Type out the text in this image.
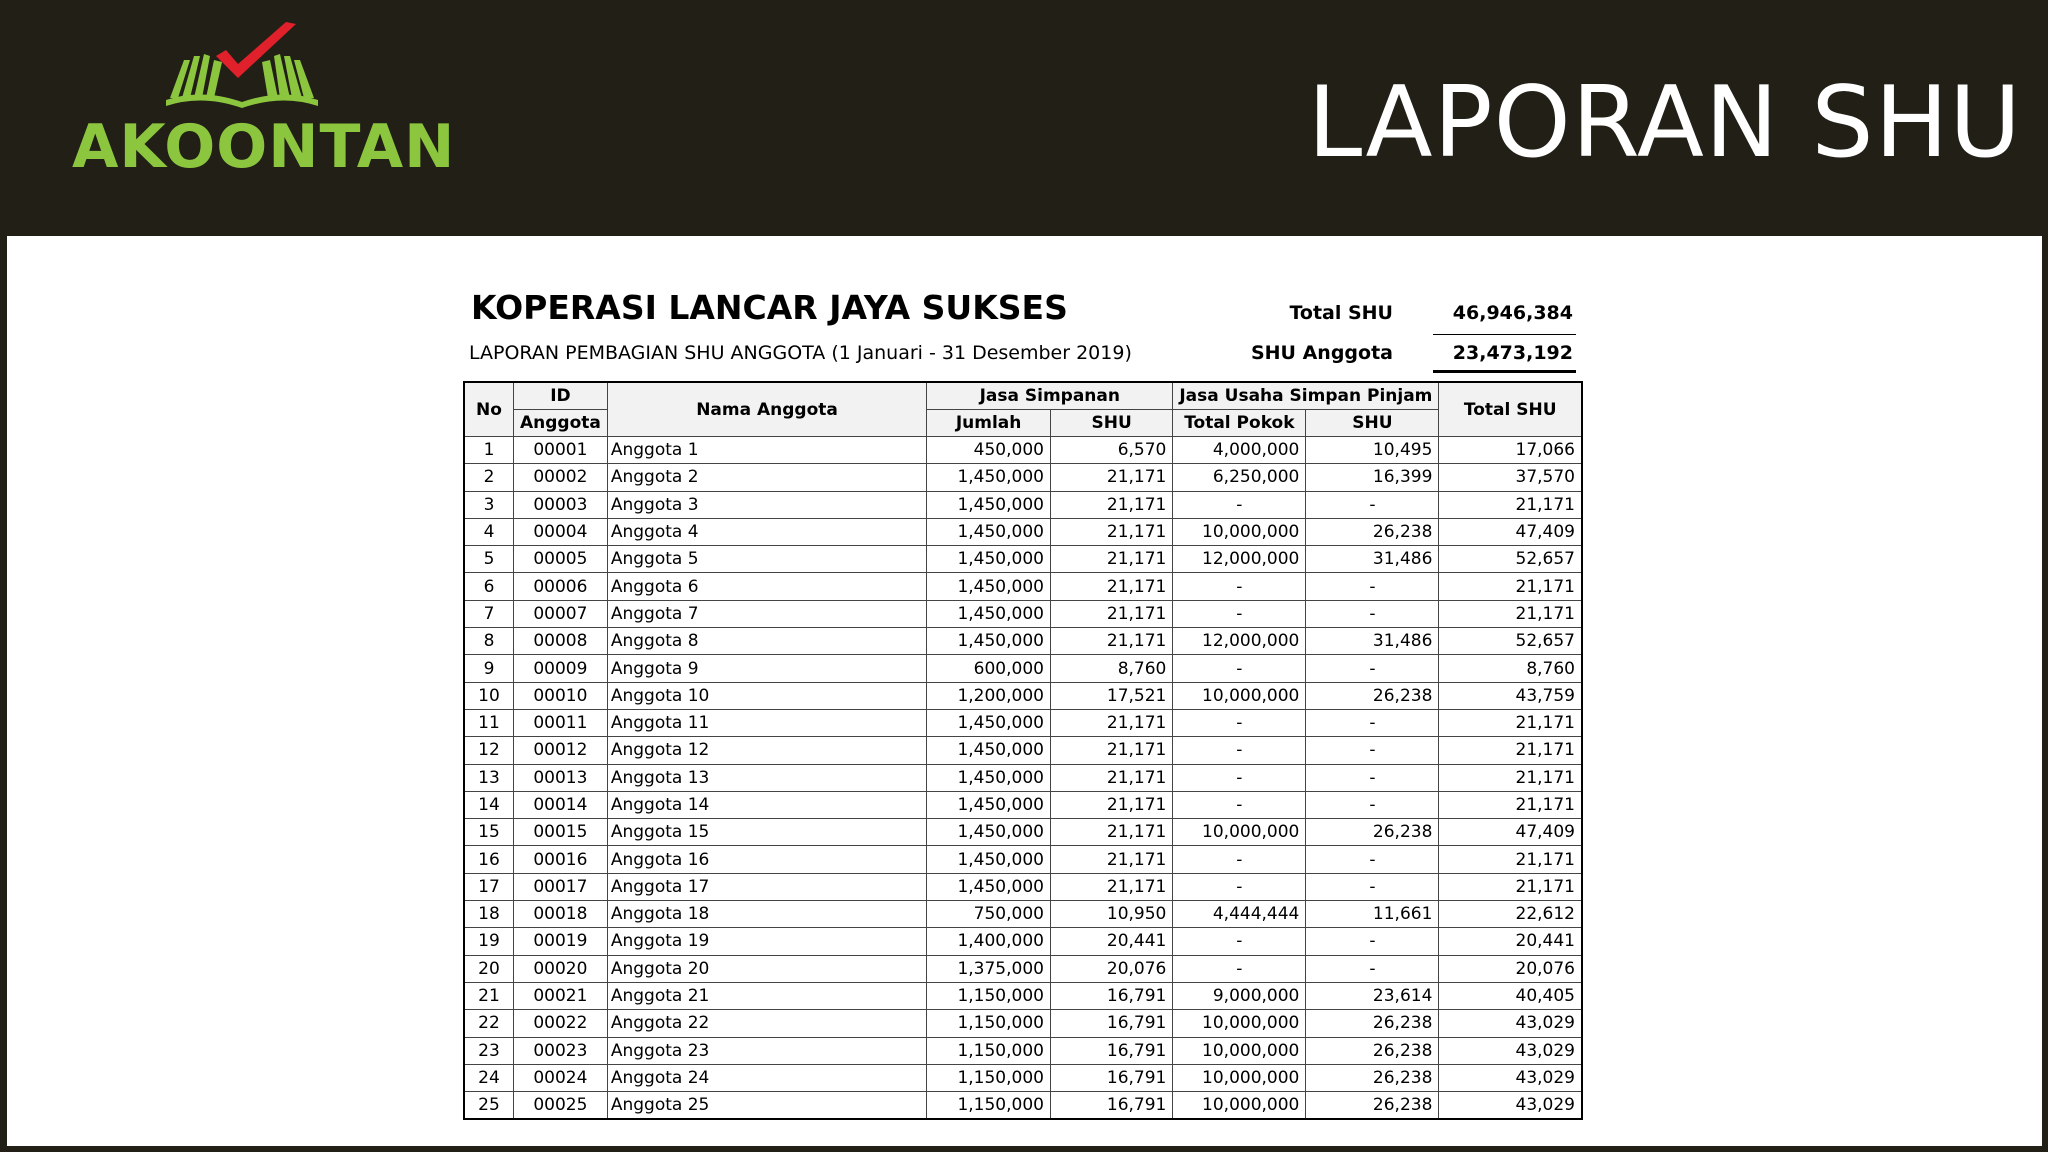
AKOONTAN	LAPORAN SHU
KOPERASI LANCAR JAYA SUKSES
LAPORAN PEMBAGIAN SHU ANGGOTA (1 Januari - 31 Desember 2019)
Total SHU	46,946,384
SHU Anggota	23,473,192
No	ID	Nama Anggota	Jasa Simpanan		Jasa Usaha Simpan Pinjam		Total SHU
	Anggota		Jumlah	SHU	Total Pokok	SHU	
1	00001	Anggota 1	450,000	6,570	4,000,000	10,495	17,066
2	00002	Anggota 2	1,450,000	21,171	6,250,000	16,399	37,570
3	00003	Anggota 3	1,450,000	21,171	-	-	21,171
4	00004	Anggota 4	1,450,000	21,171	10,000,000	26,238	47,409
5	00005	Anggota 5	1,450,000	21,171	12,000,000	31,486	52,657
6	00006	Anggota 6	1,450,000	21,171	-	-	21,171
7	00007	Anggota 7	1,450,000	21,171	-	-	21,171
8	00008	Anggota 8	1,450,000	21,171	12,000,000	31,486	52,657
9	00009	Anggota 9	600,000	8,760	-	-	8,760
10	00010	Anggota 10	1,200,000	17,521	10,000,000	26,238	43,759
11	00011	Anggota 11	1,450,000	21,171	-	-	21,171
12	00012	Anggota 12	1,450,000	21,171	-	-	21,171
13	00013	Anggota 13	1,450,000	21,171	-	-	21,171
14	00014	Anggota 14	1,450,000	21,171	-	-	21,171
15	00015	Anggota 15	1,450,000	21,171	10,000,000	26,238	47,409
16	00016	Anggota 16	1,450,000	21,171	-	-	21,171
17	00017	Anggota 17	1,450,000	21,171	-	-	21,171
18	00018	Anggota 18	750,000	10,950	4,444,444	11,661	22,612
19	00019	Anggota 19	1,400,000	20,441	-	-	20,441
20	00020	Anggota 20	1,375,000	20,076	-	-	20,076
21	00021	Anggota 21	1,150,000	16,791	9,000,000	23,614	40,405
22	00022	Anggota 22	1,150,000	16,791	10,000,000	26,238	43,029
23	00023	Anggota 23	1,150,000	16,791	10,000,000	26,238	43,029
24	00024	Anggota 24	1,150,000	16,791	10,000,000	26,238	43,029
25	00025	Anggota 25	1,150,000	16,791	10,000,000	26,238	43,029
